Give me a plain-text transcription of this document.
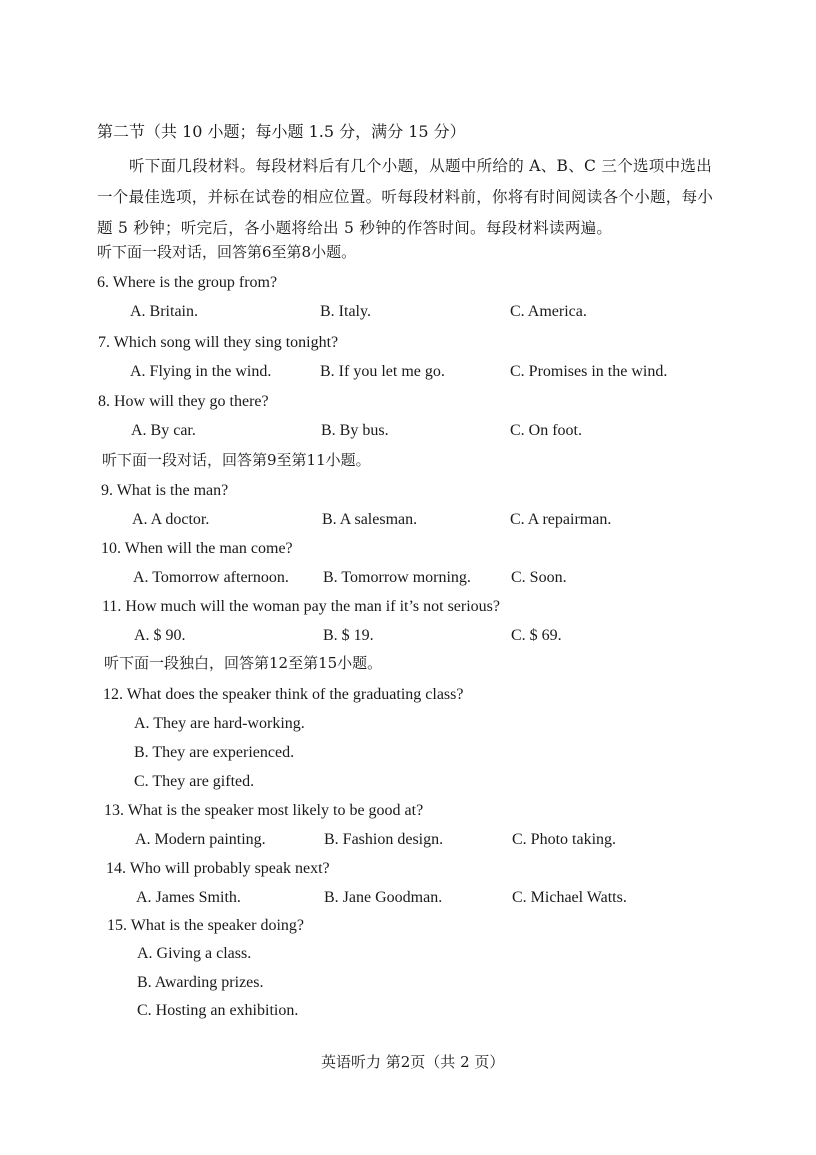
第二节（共 10 小题；每小题 1.5 分，满分 15 分）
听下面几段材料。每段材料后有几个小题，从题中所给的 A、B、C 三个选项中选出一个最佳选项，并标在试卷的相应位置。听每段材料前，你将有时间阅读各个小题，每小题 5 秒钟；听完后，各小题将给出 5 秒钟的作答时间。每段材料读两遍。
听下面一段对话，回答第6至第8小题。
6. Where is the group from?
A. Britain.	B. Italy.	C. America.
7. Which song will they sing tonight?
A. Flying in the wind.	B. If you let me go.	C. Promises in the wind.
8. How will they go there?
A. By car.	B. By bus.	C. On foot.
听下面一段对话，回答第9至第11小题。
9. What is the man?
A. A doctor.	B. A salesman.	C. A repairman.
10. When will the man come?
A. Tomorrow afternoon. B. Tomorrow morning.	C. Soon.
11. How much will the woman pay the man if it’s not serious?
A. $ 90.	B. $ 19.	C. $ 69.
听下面一段独白，回答第12至第15小题。
12. What does the speaker think of the graduating class?
A. They are hard-working.
B. They are experienced.
C. They are gifted.
13. What is the speaker most likely to be good at?
A. Modern painting.	B. Fashion design.	C. Photo taking.
14. Who will probably speak next?
A. James Smith.	B. Jane Goodman.	C. Michael Watts.
15. What is the speaker doing?
A. Giving a class.
B. Awarding prizes.
C. Hosting an exhibition.
英语听力 第2页（共 2 页）
